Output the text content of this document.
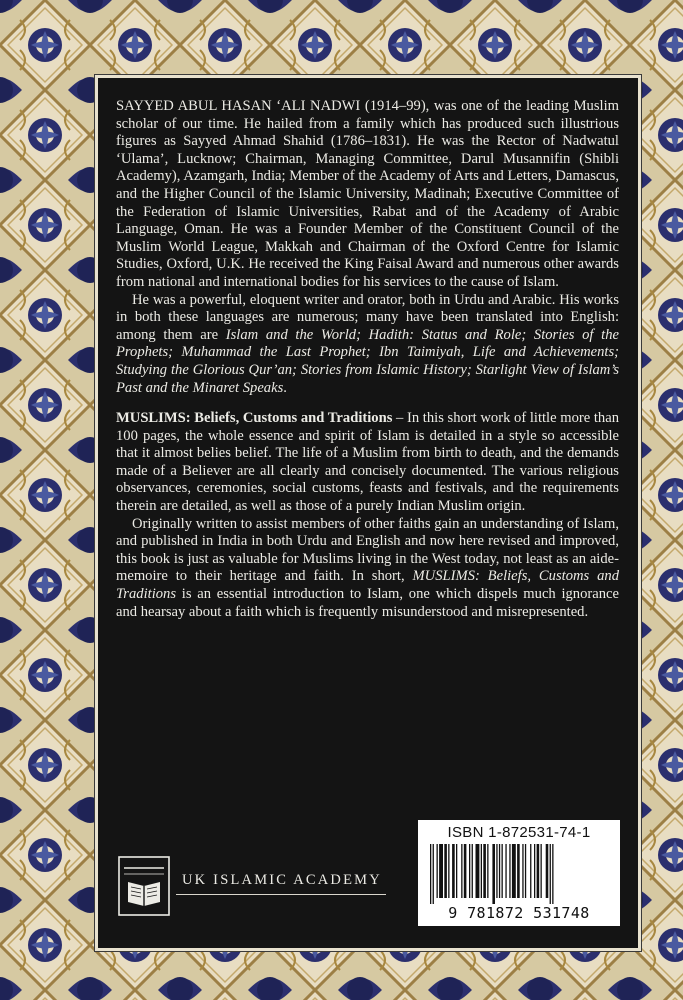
SAYYED ABUL HASAN ‘ALI NADWI (1914–99), was one of the leading Muslim scholar of our time. He hailed from a family which has produced such illustrious figures as Sayyed Ahmad Shahid (1786–1831). He was the Rector of Nadwatul ‘Ulama’, Lucknow; Chairman, Managing Committee, Darul Musannifin (Shibli Academy), Azamgarh, India; Member of the Academy of Arts and Letters, Damascus, and the Higher Council of the Islamic University, Madinah; Executive Committee of the Federation of Islamic Universities, Rabat and of the Academy of Arabic Language, Oman. He was a Founder Member of the Constituent Council of the Muslim World League, Makkah and Chairman of the Oxford Centre for Islamic Studies, Oxford, U.K. He received the King Faisal Award and numerous other awards from national and international bodies for his services to the cause of Islam.

He was a powerful, eloquent writer and orator, both in Urdu and Arabic. His works in both these languages are numerous; many have been translated into English: among them are Islam and the World; Hadith: Status and Role; Stories of the Prophets; Muhammad the Last Prophet; Ibn Taimiyah, Life and Achievements; Studying the Glorious Qur’an; Stories from Islamic History; Starlight View of Islam’s Past and the Minaret Speaks.

MUSLIMS: Beliefs, Customs and Traditions – In this short work of little more than 100 pages, the whole essence and spirit of Islam is detailed in a style so accessible that it almost belies belief. The life of a Muslim from birth to death, and the demands made of a Believer are all clearly and concisely documented. The various religious observances, ceremonies, social customs, feasts and festivals, and the requirements therein are detailed, as well as those of a purely Indian Muslim origin.

Originally written to assist members of other faiths gain an understanding of Islam, and published in India in both Urdu and English and now here revised and improved, this book is just as valuable for Muslims living in the West today, not least as an aide-memoire to their heritage and faith. In short, MUSLIMS: Beliefs, Customs and Traditions is an essential introduction to Islam, one which dispels much ignorance and hearsay about a faith which is frequently misunderstood and misrepresented.

UK ISLAMIC ACADEMY
ISBN 1-872531-74-1
9 781872 531748
